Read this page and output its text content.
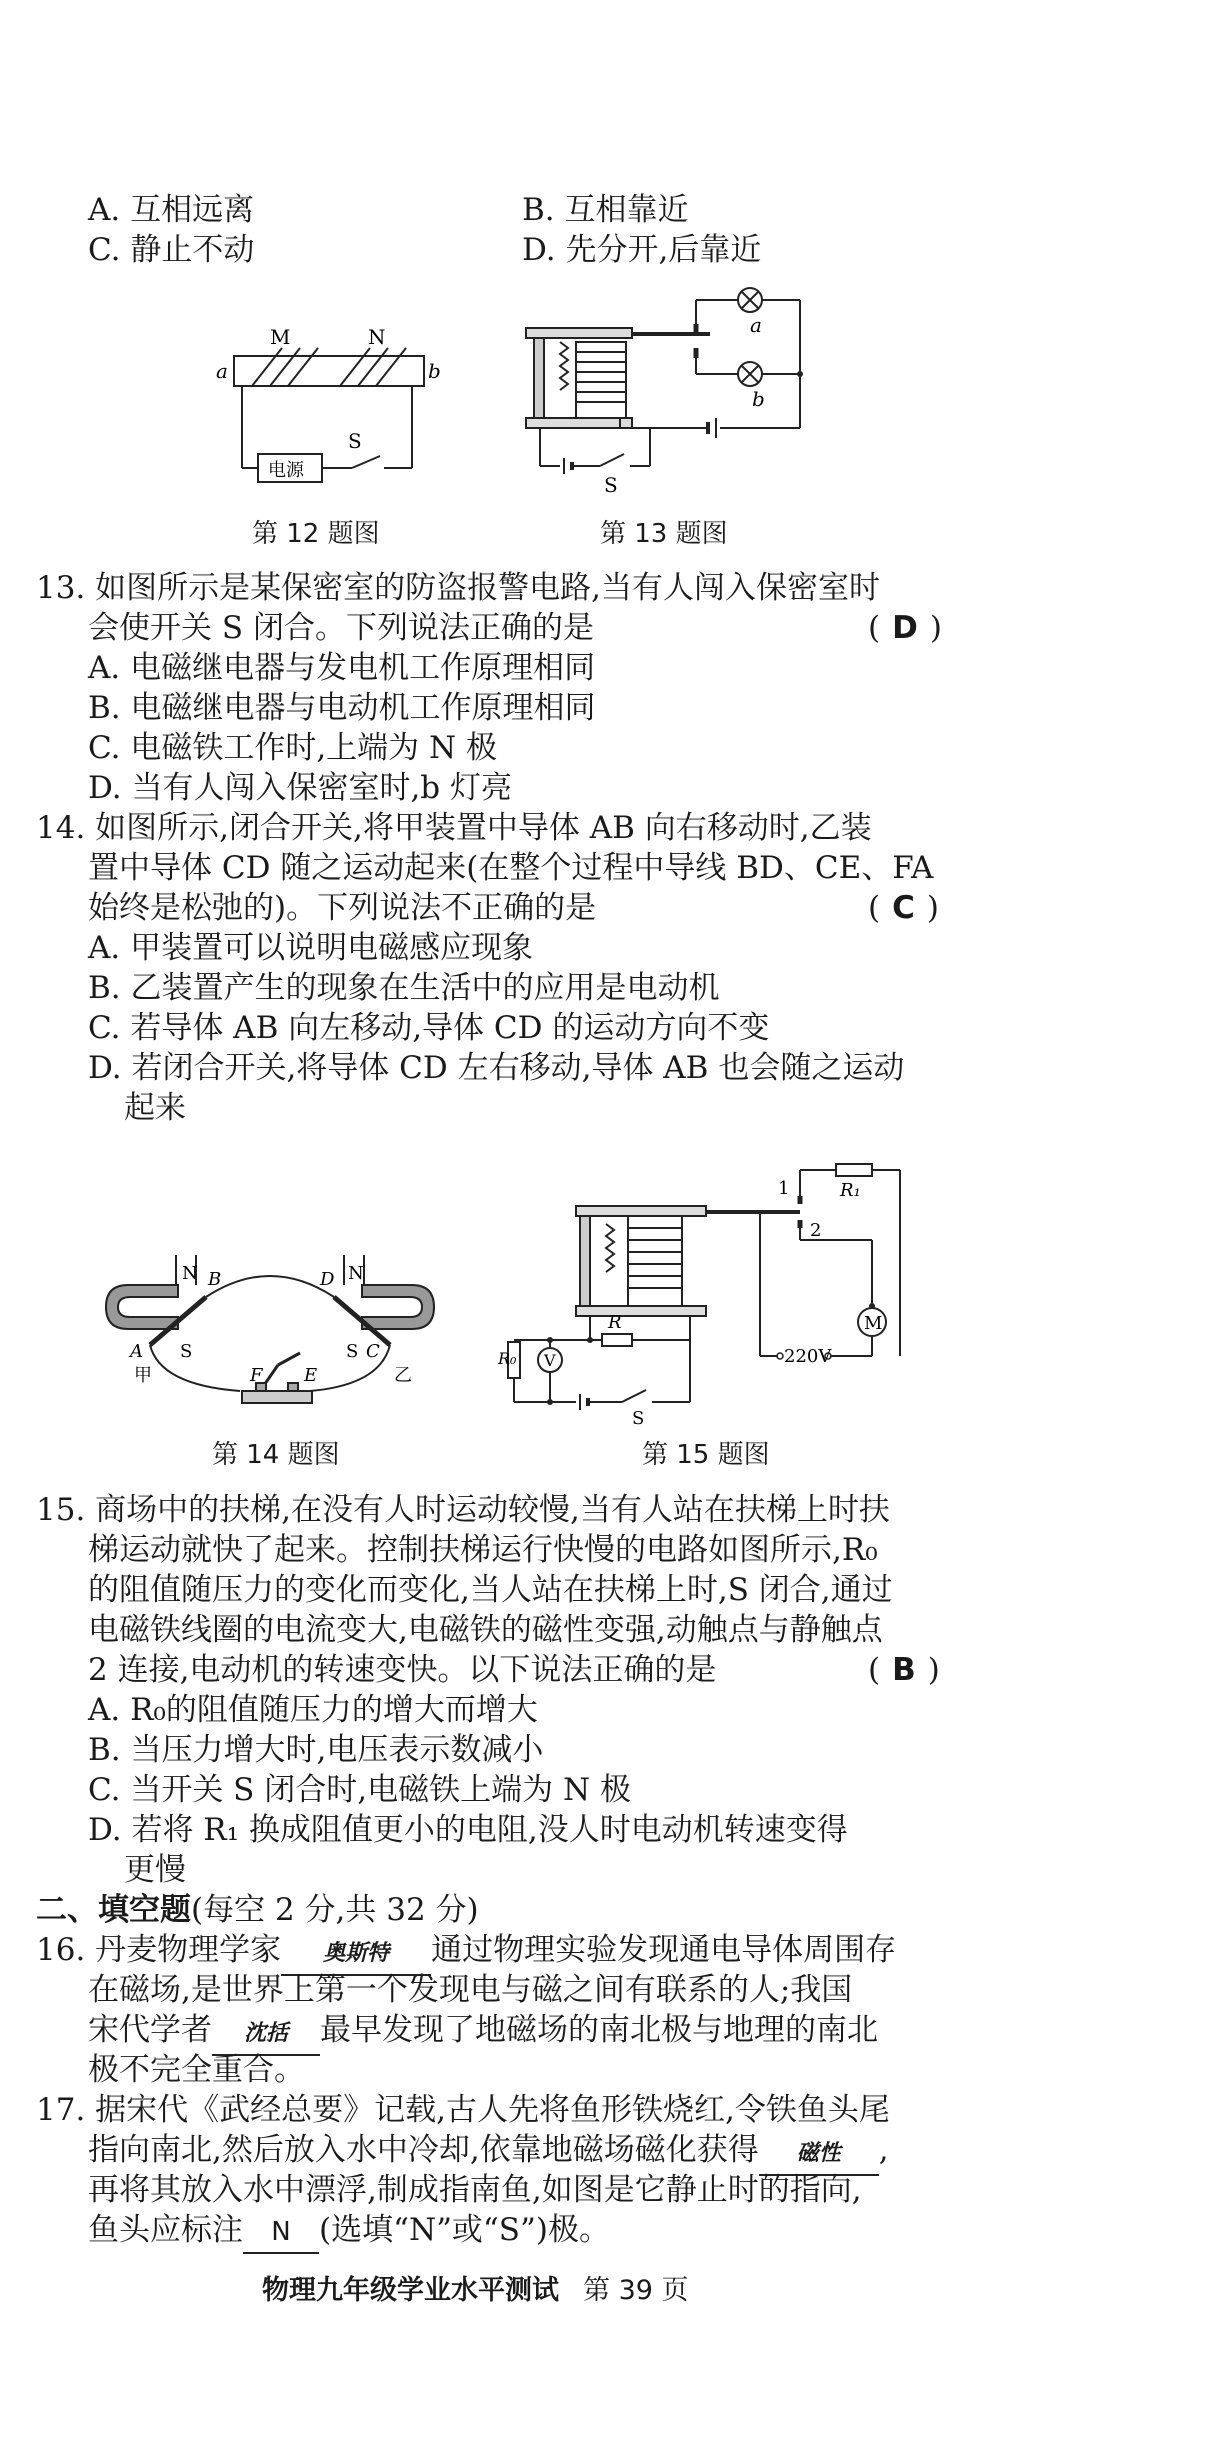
A. 互相远离	B. 互相靠近
C. 静止不动	D. 先分开,后靠近
M	N
a	b
电源
S
第 12 题图
a
b
S
第 13 题图
13. 如图所示是某保密室的防盗报警电路,当有人闯入保密室时
会使开关 S 闭合。下列说法正确的是	( D )
A. 电磁继电器与发电机工作原理相同
B. 电磁继电器与电动机工作原理相同
C. 电磁铁工作时,上端为 N 极
D. 当有人闯入保密室时,b 灯亮
14. 如图所示,闭合开关,将甲装置中导体 AB 向右移动时,乙装
置中导体 CD 随之运动起来(在整个过程中导线 BD、CE、FA
始终是松弛的)。下列说法不正确的是	( C )
A. 甲装置可以说明电磁感应现象
B. 乙装置产生的现象在生活中的应用是电动机
C. 若导体 AB 向左移动,导体 CD 的运动方向不变
D. 若闭合开关,将导体 CD 左右移动,导体 AB 也会随之运动
起来
N B	D N
A S	S C
甲	乙
F E
第 14 题图
R₁
1
2
M
220V
R
V
R₀
S
第 15 题图
15. 商场中的扶梯,在没有人时运动较慢,当有人站在扶梯上时扶
梯运动就快了起来。控制扶梯运行快慢的电路如图所示,R₀
的阻值随压力的变化而变化,当人站在扶梯上时,S 闭合,通过
电磁铁线圈的电流变大,电磁铁的磁性变强,动触点与静触点
2 连接,电动机的转速变快。以下说法正确的是	( B )
A. R₀的阻值随压力的增大而增大
B. 当压力增大时,电压表示数减小
C. 当开关 S 闭合时,电磁铁上端为 N 极
D. 若将 R₁ 换成阻值更小的电阻,没人时电动机转速变得
更慢
二、填空题(每空 2 分,共 32 分)
16. 丹麦物理学家 奥斯特 通过物理实验发现通电导体周围存
在磁场,是世界上第一个发现电与磁之间有联系的人;我国
宋代学者 沈括 最早发现了地磁场的南北极与地理的南北
极不完全重合。
17. 据宋代《武经总要》记载,古人先将鱼形铁烧红,令铁鱼头尾
指向南北,然后放入水中冷却,依靠地磁场磁化获得 磁性 ,
再将其放入水中漂浮,制成指南鱼,如图是它静止时的指向,
鱼头应标注 N (选填“N”或“S”)极。
物理九年级学业水平测试 第 39 页
